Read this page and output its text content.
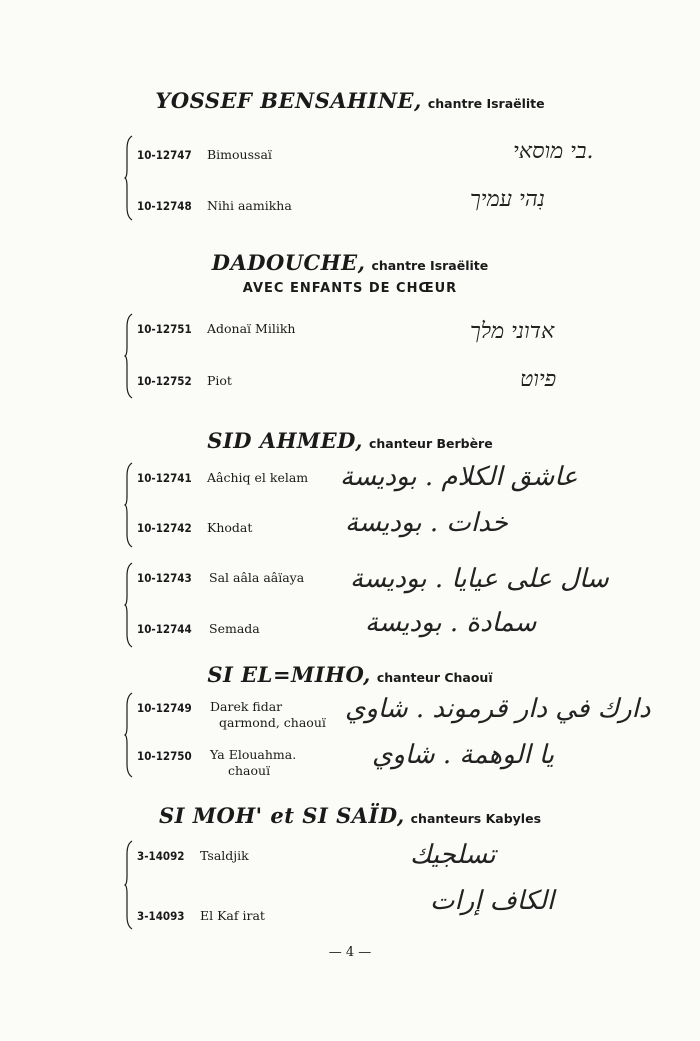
YOSSEF BENSAHINE, chantre Israëlite
10-12747 Bimoussaï	בי מוסאי.
10-12748 Nihi aamikha	נִהי עמיך
DADOUCHE, chantre Israëlite
AVEC ENFANTS DE CHŒUR
10-12751 Adonaï Milikh	אדוני מלך
10-12752 Piot	פיוט
SID AHMED, chanteur Berbère
10-12741 Aâchiq el kelam عاشق الكلام . بوديسة
10-12742 Khodat	خدات . بوديسة
10-12743 Sal aâla aâïaya سال على عيايا . بوديسة
10-12744 Semada	سمادة . بوديسة
SI EL=MIHO, chanteur Chaouï
10-12749 Darek fidar
qarmond, chaouï دارك في دار قرموند . شاوي
10-12750 Ya Elouahma.
chaouï
يا الوهمة . شاوي
SI MOH' et SI SAÏD, chanteurs Kabyles
3-14092 Tsaldjik	تسلجيك
3-14093 El Kaf irat	الكاف إرات
— 4 —
